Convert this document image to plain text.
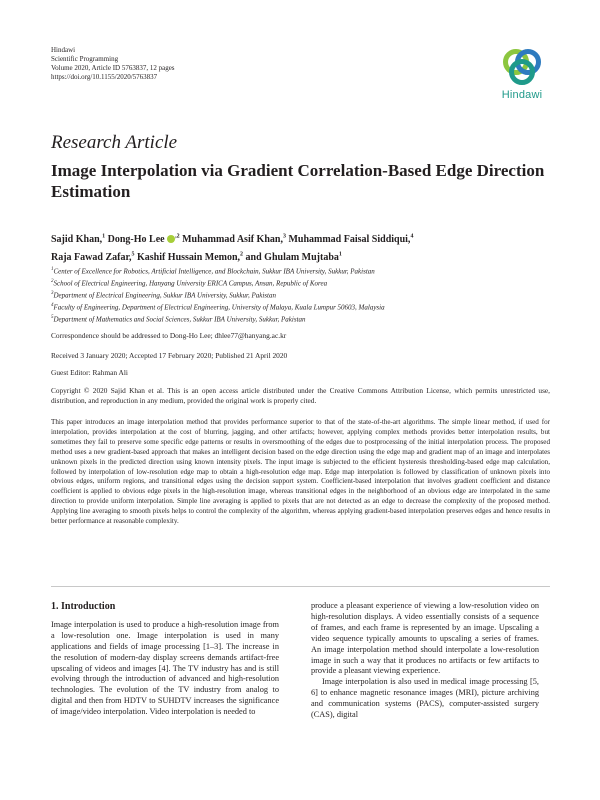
Hindawi
Scientific Programming
Volume 2020, Article ID 5763837, 12 pages
https://doi.org/10.1155/2020/5763837
Hindawi
Research Article
Image Interpolation via Gradient Correlation-Based Edge Direction Estimation
Sajid Khan,$^1$ Dong-Ho Lee $^{,2}$ Muhammad Asif Khan,$^3$ Muhammad Faisal Siddiqui,$^4$
Raja Fawad Zafar,$^5$ Kashif Hussain Memon,$^2$ and Ghulam Mujtaba$^1$
$^1$Center of Excellence for Robotics, Artificial Intelligence, and Blockchain, Sukkur IBA University, Sukkur, Pakistan
$^2$School of Electrical Engineering, Hanyang University ERICA Campus, Ansan, Republic of Korea
$^3$Department of Electrical Engineering, Sukkur IBA University, Sukkur, Pakistan
$^4$Faculty of Engineering, Department of Electrical Engineering, University of Malaya, Kuala Lumpur 50603, Malaysia
$^5$Department of Mathematics and Social Sciences, Sukkur IBA University, Sukkur, Pakistan
Correspondence should be addressed to Dong-Ho Lee; dhlee77@hanyang.ac.kr
Received 3 January 2020; Accepted 17 February 2020; Published 21 April 2020
Guest Editor: Rahman Ali
Copyright © 2020 Sajid Khan et al. This is an open access article distributed under the Creative Commons Attribution License, which permits unrestricted use, distribution, and reproduction in any medium, provided the original work is properly cited.
This paper introduces an image interpolation method that provides performance superior to that of the state-of-the-art algorithms. The simple linear method, if used for interpolation, provides interpolation at the cost of blurring, jagging, and other artifacts; however, applying complex methods provides better interpolation results, but sometimes they fail to preserve some specific edge patterns or results in oversmoothing of the edges due to postprocessing of the initial interpolation process. The proposed method uses a new gradient-based approach that makes an intelligent decision based on the edge direction using the edge map and gradient map of an image and interpolates unknown pixels in the predicted direction using known intensity pixels. The input image is subjected to the efficient hysteresis thresholding-based edge map calculation, followed by interpolation of low-resolution edge map to obtain a high-resolution edge map. Edge map interpolation is followed by classification of unknown pixels into obvious edges, uniform regions, and transitional edges using the decision support system. Coefficient-based interpolation that involves gradient coefficient and distance coefficient is applied to obvious edge pixels in the high-resolution image, whereas transitional edges in the neighborhood of an obvious edge are interpolated in the same direction to provide uniform interpolation. Simple line averaging is applied to pixels that are not detected as an edge to decrease the complexity of the proposed method. Applying line averaging to smooth pixels helps to control the complexity of the algorithm, whereas applying gradient-based interpolation preserves edges and hence results in better performance at reasonable complexity.
1. Introduction

Image interpolation is used to produce a high-resolution image from a low-resolution one. Image interpolation is used in many applications and fields of image processing [1–3]. The increase in the resolution of modern-day display screens demands artifact-free upscaling of videos and images [4]. The TV industry has and is still evolving through the introduction of advanced and high-resolution technologies. The evolution of the TV industry from analog to digital and then from HDTV to SUHDTV increases the significance of image/video interpolation. Video interpolation is needed to

produce a pleasant experience of viewing a low-resolution video on high-resolution displays. A video essentially consists of a sequence of frames, and each frame is represented by an image. Upscaling a video sequence typically amounts to upscaling a series of frames. An image interpolation method should interpolate a low-resolution image in such a way that it produces no artifacts or few artifacts to provide a pleasant viewing experience.

Image interpolation is also used in medical image processing [5, 6] to enhance magnetic resonance images (MRI), picture archiving and communication systems (PACS), computer-assisted surgery (CAS), digital
